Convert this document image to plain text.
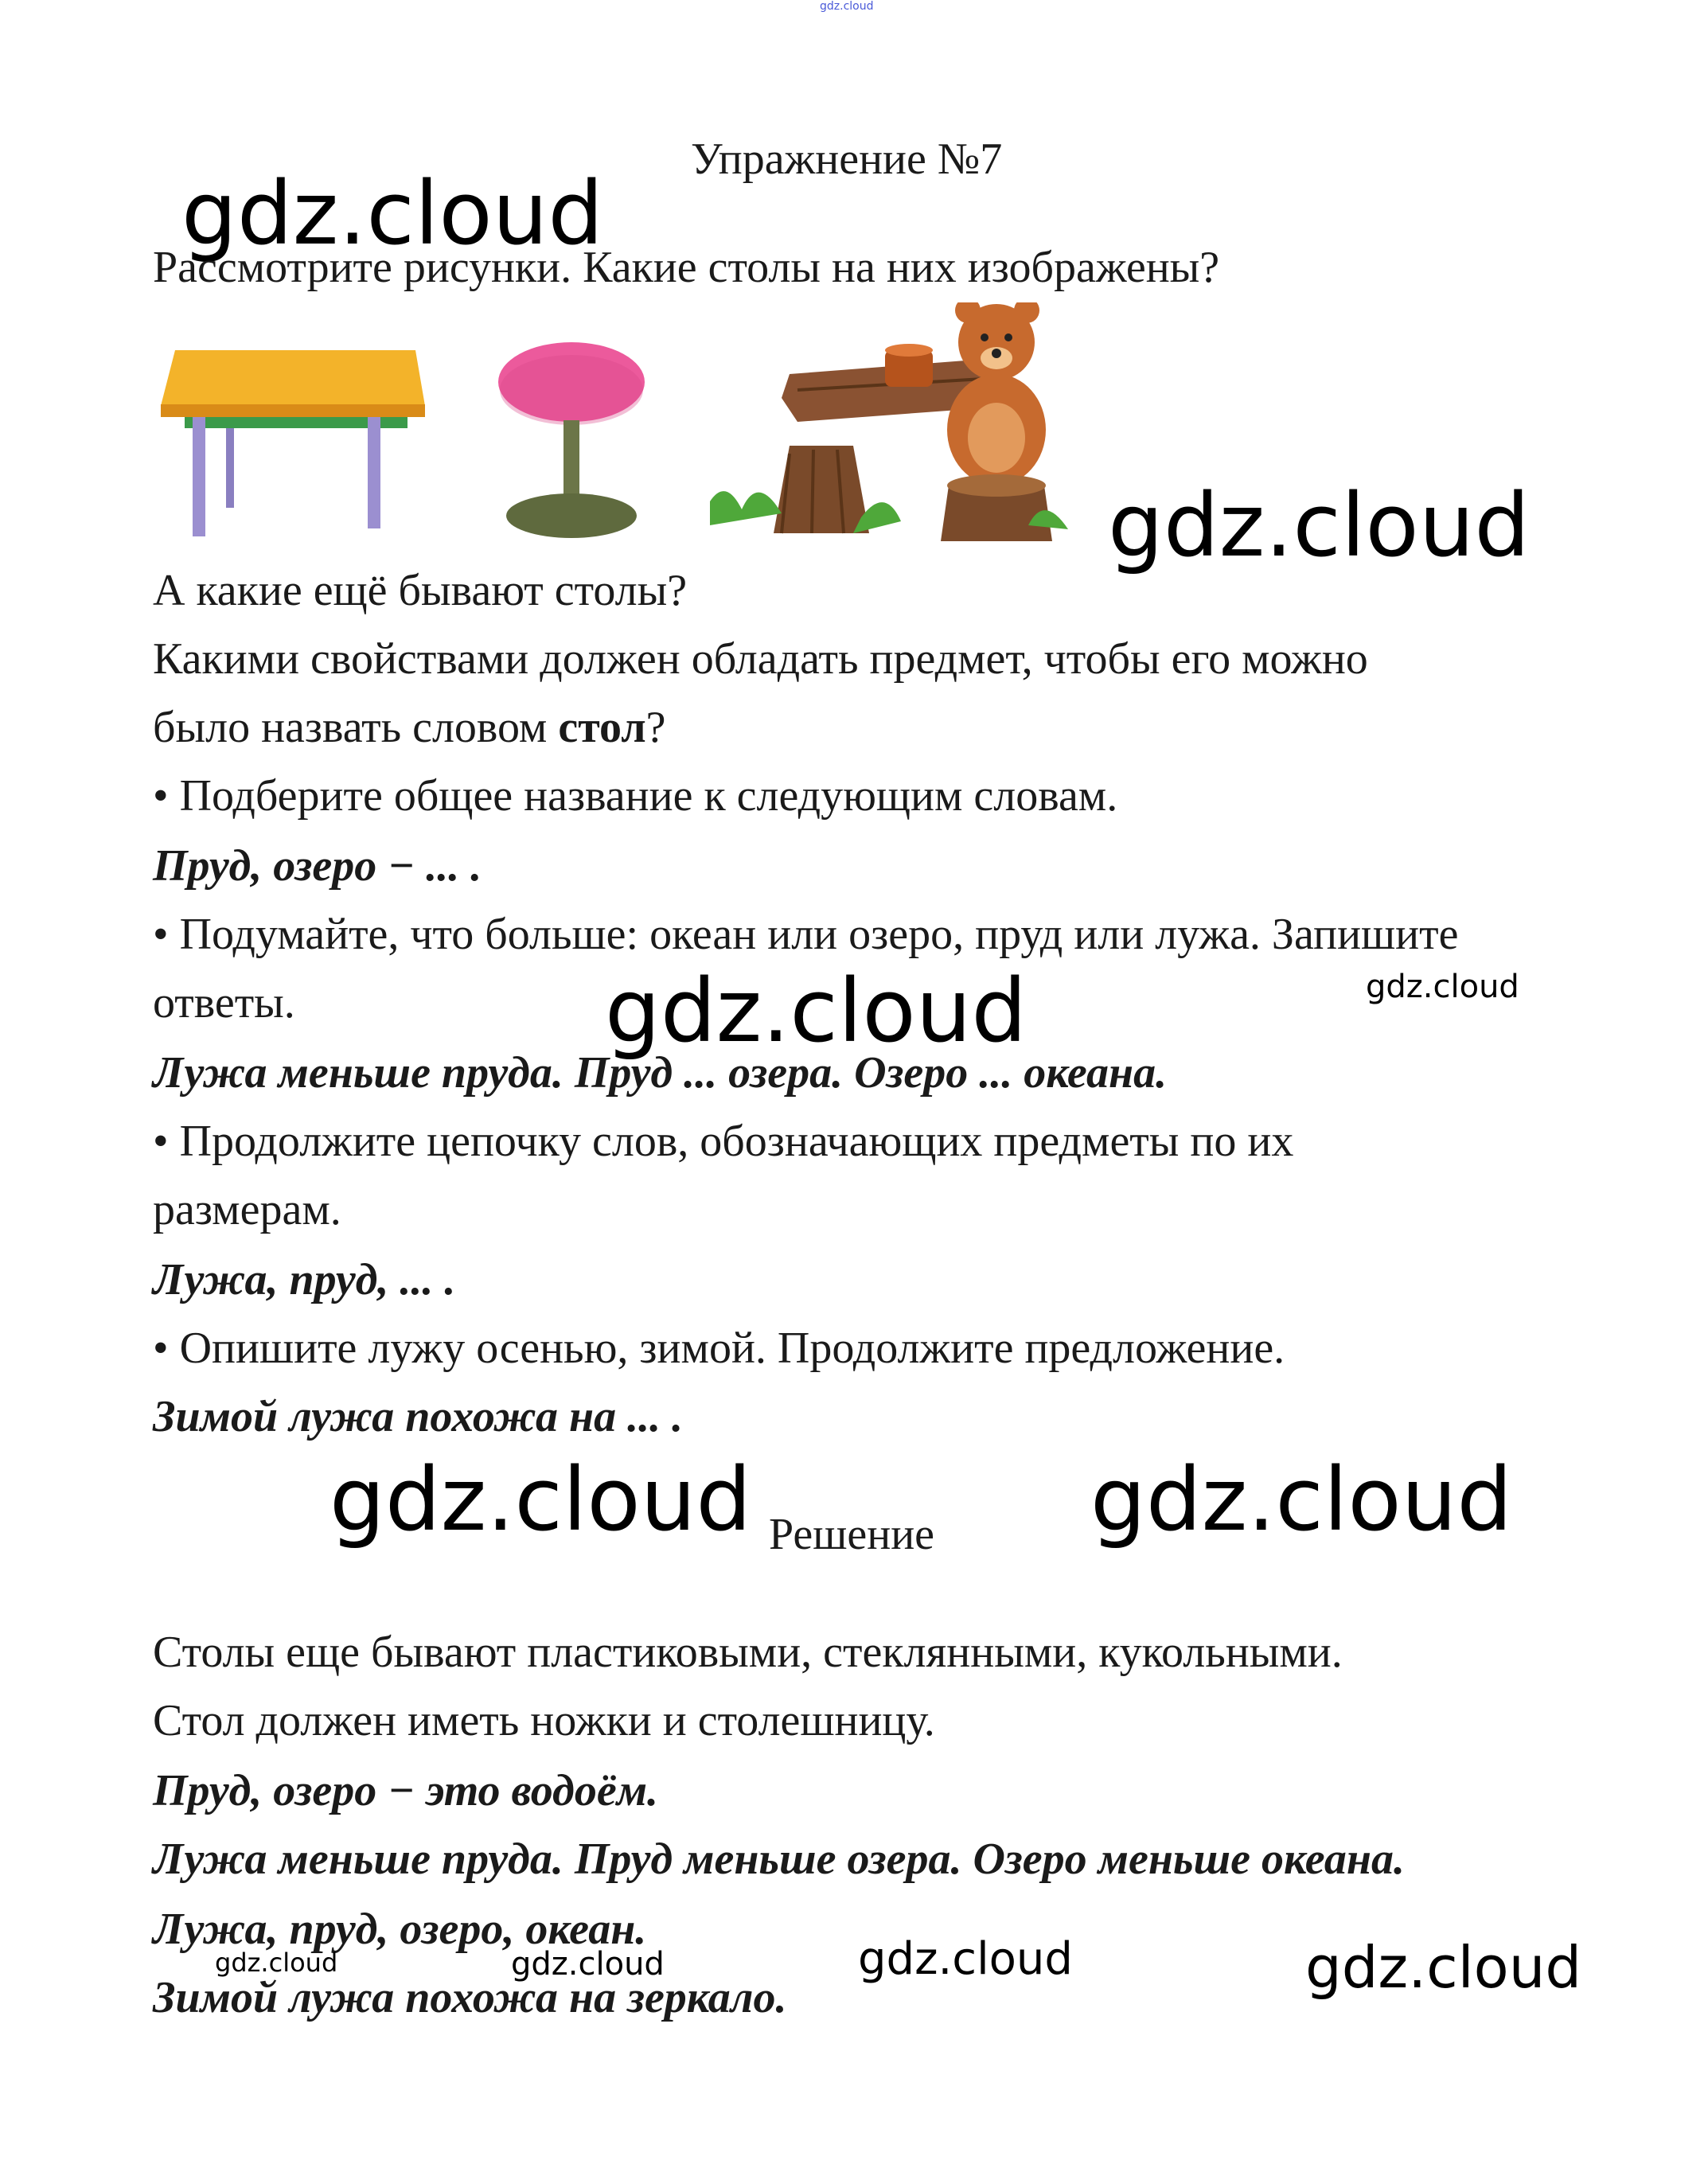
gdz.cloud
Упражнение №7
gdz.cloud
Рассмотрите рисунки. Какие столы на них изображены?
gdz.cloud
А какие ещё бывают столы?
Какими свойствами должен обладать предмет, чтобы его можно
было назвать словом стол?
• Подберите общее название к следующим словам.
Пруд, озеро − ... .
• Подумайте, что больше: океан или озеро, пруд или лужа. Запишите
ответы.	gdz.cloud	gdz.cloud
Лужа меньше пруда. Пруд ... озера. Озеро ... океана.
• Продолжите цепочку слов, обозначающих предметы по их
размерам.
Лужа, пруд, ... .
• Опишите лужу осенью, зимой. Продолжите предложение.
Зимой лужа похожа на ... .
gdz.cloud	gdz.cloud
Решение
Столы еще бывают пластиковыми, стеклянными, кукольными.
Стол должен иметь ножки и столешницу.
Пруд, озеро − это водоём.
Лужа меньше пруда. Пруд меньше озера. Озеро меньше океана.
Лужа, пруд, озеро, океан.
Зимой лужа похожа на зеркало.
gdz.cloud	gdz.cloud	gdz.cloud	gdz.cloud
